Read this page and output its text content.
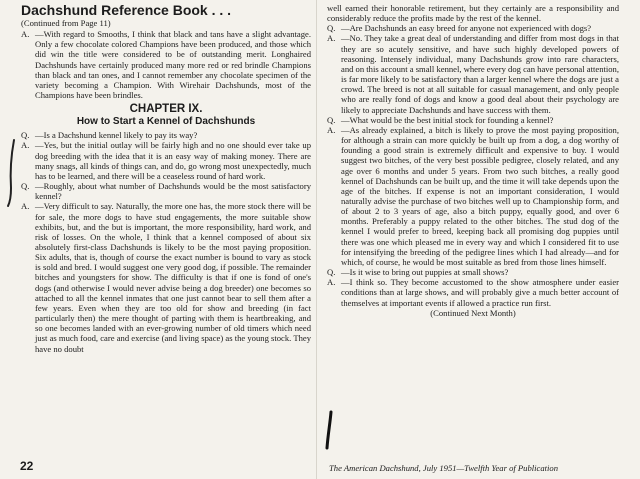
Dachshund Reference Book . . .

(Continued from Page 11)

A. —With regard to Smooths, I think that black and tans have a slight advantage. Only a few chocolate colored Champions have been produced, and those which did win the title were considered to be of outstanding merit. Longhaired Dachshunds have certainly produced many more red or red brindle Champions than black and tan ones, and I cannot remember any chocolate specimen of the variety becoming a Champion. With Wirehair Dachshunds, most of the Champions have been brindles.

CHAPTER IX.

How to Start a Kennel of Dachshunds

Q. —Is a Dachshund kennel likely to pay its way?
A. —Yes, but the initial outlay will be fairly high and no one should ever take up dog breeding with the idea that it is an easy way of making money. There are many snags, all kinds of things can, and do, go wrong most unexpectedly, much has to be learned, and there will be a ceaseless round of hard work.
Q. —Roughly, about what number of Dachshunds would be the most satisfactory kennel?
A. —Very difficult to say. Naturally, the more one has, the more stock there will be for sale, the more dogs to have stud engagements, the more suitable show exhibits, but, and the but is important, the more responsibility, hard work, and risk of losses. On the whole, I think that a kennel composed of about six absolutely first-class Dachshunds is likely to be the most paying proposition. Six adults, that is, though of course the exact number is bound to vary as stock is sold and bred. I would suggest one very good dog, if possible. The remainder bitches and youngsters for show. The difficulty is that if one is fond of one's dogs (and otherwise I would never advise being a dog breeder) one becomes so attached to all the kennel inmates that one just cannot bear to sell them after a few years. Even when they are too old for show and breeding (in fact particularly then) the mere thought of parting with them is heartbreaking, and so one becomes landed with an ever-growing number of old timers which need just as much food, care and exercise (and living space) as the young stock. They have no doubt

well earned their honorable retirement, but they certainly are a responsibility and considerably reduce the profits made by the rest of the kennel.

Q. —Are Dachshunds an easy breed for anyone not experienced with dogs?
A. —No. They take a great deal of understanding and differ from most dogs in that they are so acutely sensitive, and have such highly developed powers of reasoning. Intensely individual, many Dachshunds grow into rare characters, and on this account a small kennel, where every dog can have personal attention, is far more likely to be satisfactory than a larger kennel where the dogs are just a crowd. The breed is not at all suitable for casual management, and only people who are really fond of dogs and know a good deal about their psychology are likely to appreciate Dachshunds and have success with them.
Q. —What would be the best initial stock for founding a kennel?
A. —As already explained, a bitch is likely to prove the most paying proposition, for although a strain can more quickly be built up from a dog, a dog worthy of founding a good strain is extremely difficult and expensive to buy. I would suggest two bitches, of the very best possible pedigree, closely related, and any age over 6 months and under 5 years. From two such bitches, a really good kennel of Dachshunds can be built up, and the time it will take depends upon the age of the bitches. If expense is not an important consideration, I would naturally advise the purchase of two bitches well up to Championship form, and of about 2 to 3 years of age, also a bitch puppy, equally good, and over 6 months. Preferably a puppy related to the other bitches. The stud dog of the kennel I would prefer to breed, keeping back all promising dog puppies until there was one which pleased me in every way and which I considered fit to use for intensifying the breeding of the pedigree lines which I had already—and for which, of course, he would be most suitable as bred from those lines himself.
Q. —Is it wise to bring out puppies at small shows?
A. —I think so. They become accustomed to the show atmosphere under easier conditions than at large shows, and will probably give a much better account of themselves at important events if allowed a practice run first.

(Continued Next Month)

22	The American Dachshund, July 1951—Twelfth Year of Publication
